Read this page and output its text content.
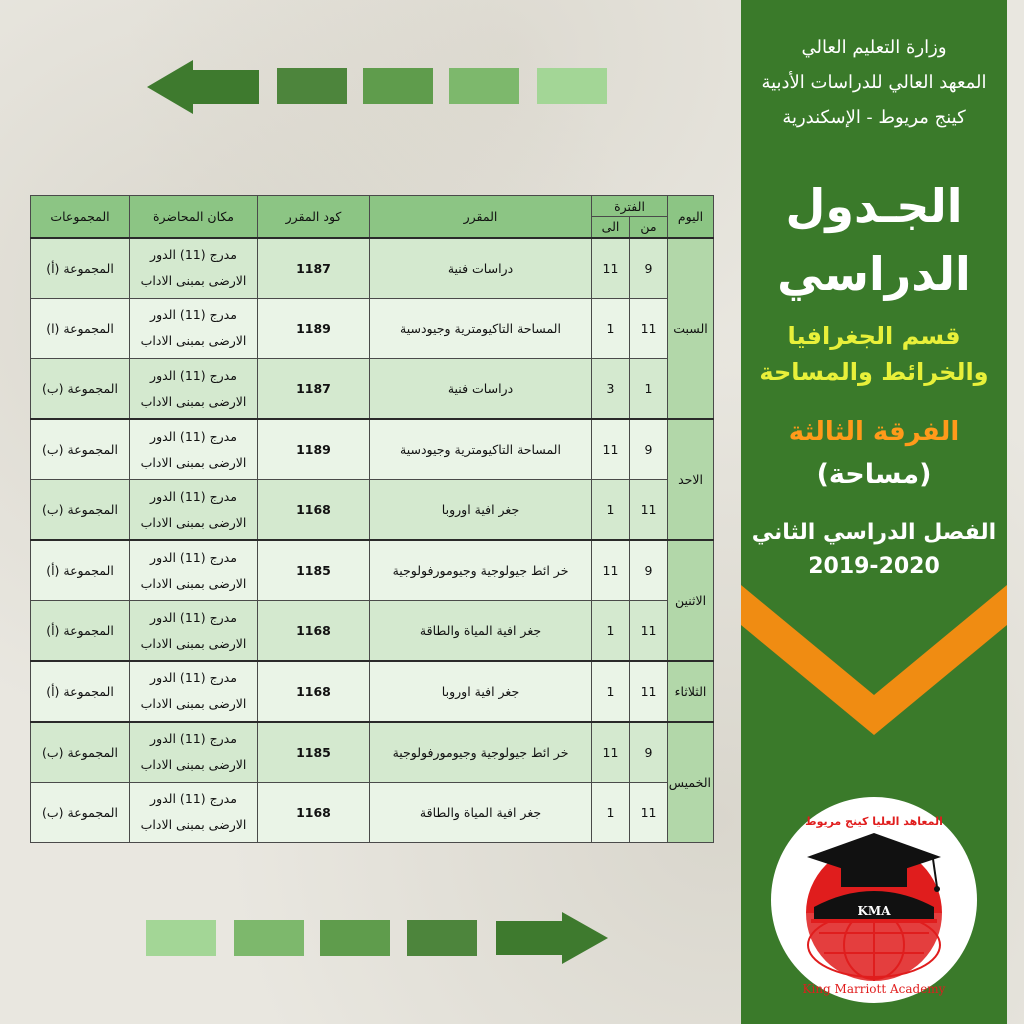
وزارة التعليم العالي
المعهد العالي للدراسات الأدبية
كينج مريوط - الإسكندرية
الجـدول
الدراسي
قسم الجغرافيا
والخرائط والمساحة
الفرقة الثالثة
(مساحة)
الفصل الدراسي الثاني
2019-2020
KMA
المعاهد العليا كينج مريوط
King Marriott Academy
اليوم	الفترة		المقرر	كود المقرر	مكان المحاضرة	المجموعات
	من	الى				
السبت	9	11	دراسات فنية	1187	مدرج (11) الدور
الارضى بمبنى الاداب	المجموعة (أ)
	11	1	المساحة التاكيومترية وجيودسية	1189	مدرج (11) الدور
الارضى بمبنى الاداب	المجموعة (ا)
	1	3	دراسات فنية	1187	مدرج (11) الدور
الارضى بمبنى الاداب	المجموعة (ب)
الاحد	9	11	المساحة التاكيومترية وجيودسية	1189	مدرج (11) الدور
الارضى بمبنى الاداب	المجموعة (ب)
	11	1	جغر افية اوروبا	1168	مدرج (11) الدور
الارضى بمبنى الاداب	المجموعة (ب)
الاثنين	9	11	خر ائط جيولوجية وجيومورفولوجية	1185	مدرج (11) الدور
الارضى بمبنى الاداب	المجموعة (أ)
	11	1	جغر افية المياة والطاقة	1168	مدرج (11) الدور
الارضى بمبنى الاداب	المجموعة (أ)
الثلاثاء	11	1	جغر افية اوروبا	1168	مدرج (11) الدور
الارضى بمبنى الاداب	المجموعة (أ)
الخميس	9	11	خر ائط جيولوجية وجيومورفولوجية	1185	مدرج (11) الدور
الارضى بمبنى الاداب	المجموعة (ب)
	11	1	جغر افية المياة والطاقة	1168	مدرج (11) الدور
الارضى بمبنى الاداب	المجموعة (ب)
